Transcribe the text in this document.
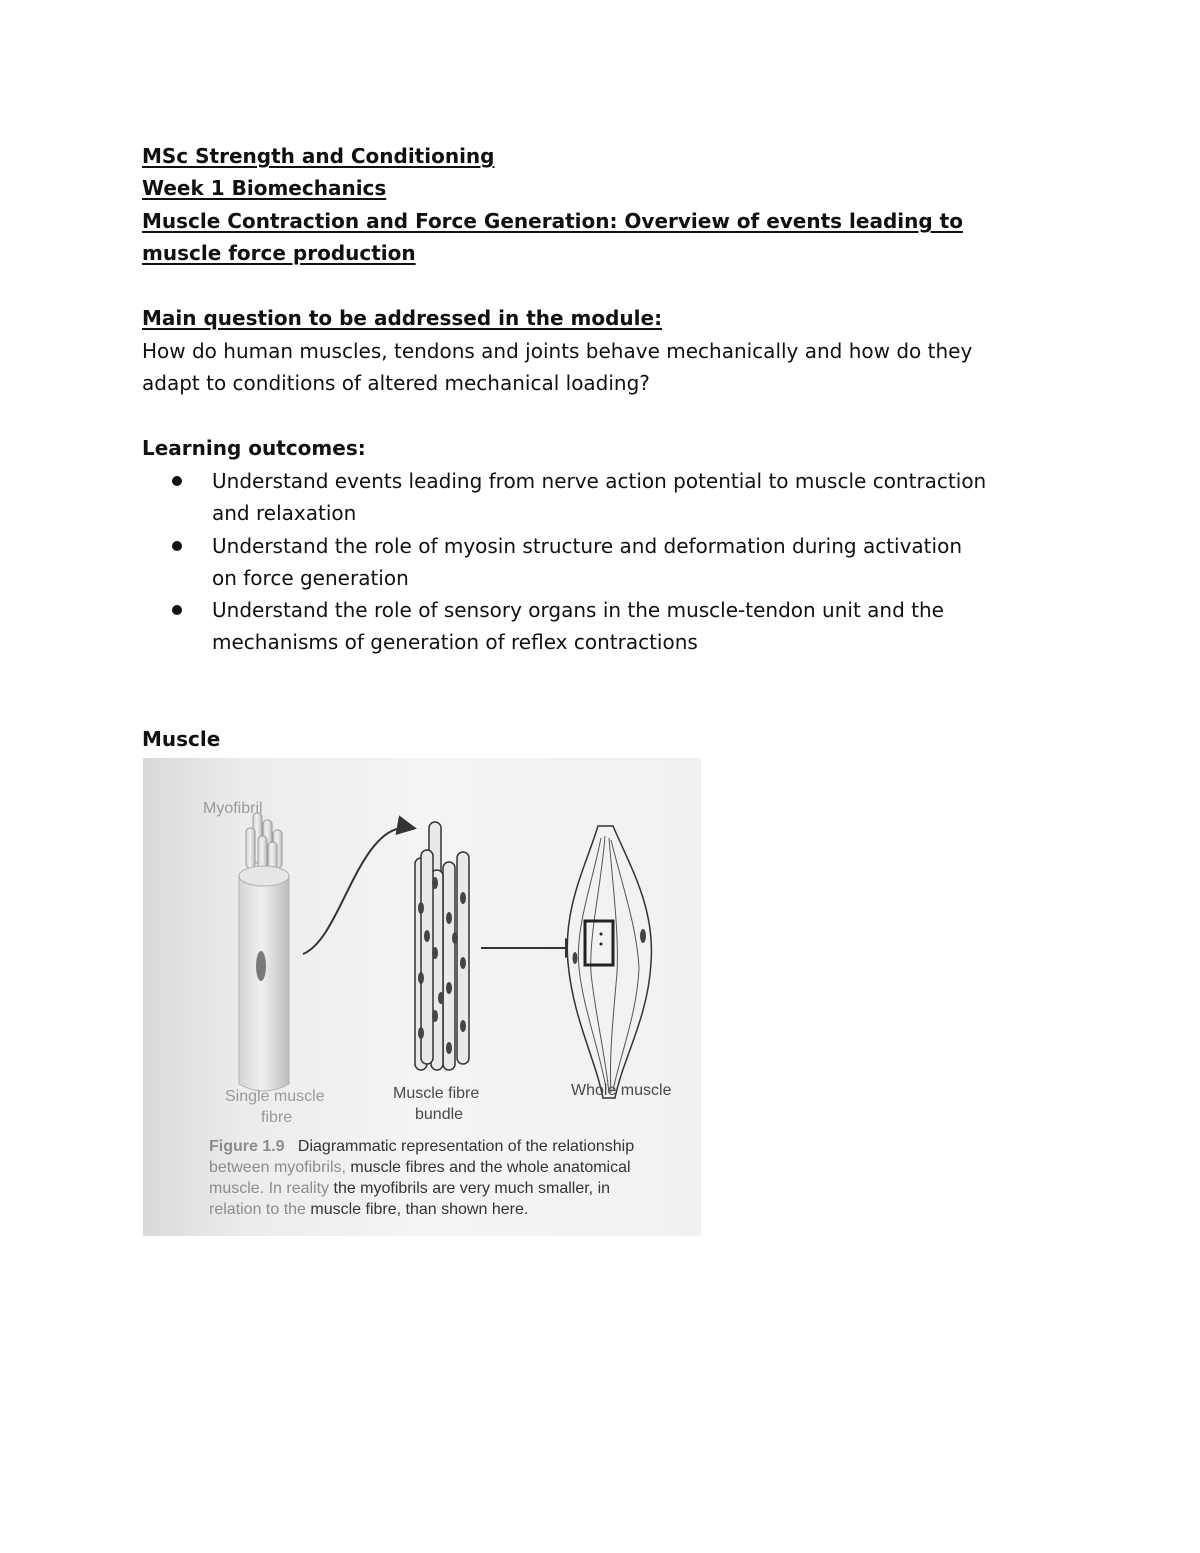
MSc Strength and Conditioning
Week 1 Biomechanics
Muscle Contraction and Force Generation: Overview of events leading to
muscle force production
Main question to be addressed in the module:
How do human muscles, tendons and joints behave mechanically and how do they
adapt to conditions of altered mechanical loading?
Learning outcomes:
Understand events leading from nerve action potential to muscle contraction
and relaxation
Understand the role of myosin structure and deformation during activation
on force generation
Understand the role of sensory organs in the muscle-tendon unit and the
mechanisms of generation of reflex contractions
Muscle
Myofibril
Single muscle
fibre
Muscle fibre
bundle
Whole muscle
Figure 1.9 Diagrammatic representation of the relationship
between myofibrils, muscle fibres and the whole anatomical
muscle. In reality the myofibrils are very much smaller, in
relation to the muscle fibre, than shown here.
